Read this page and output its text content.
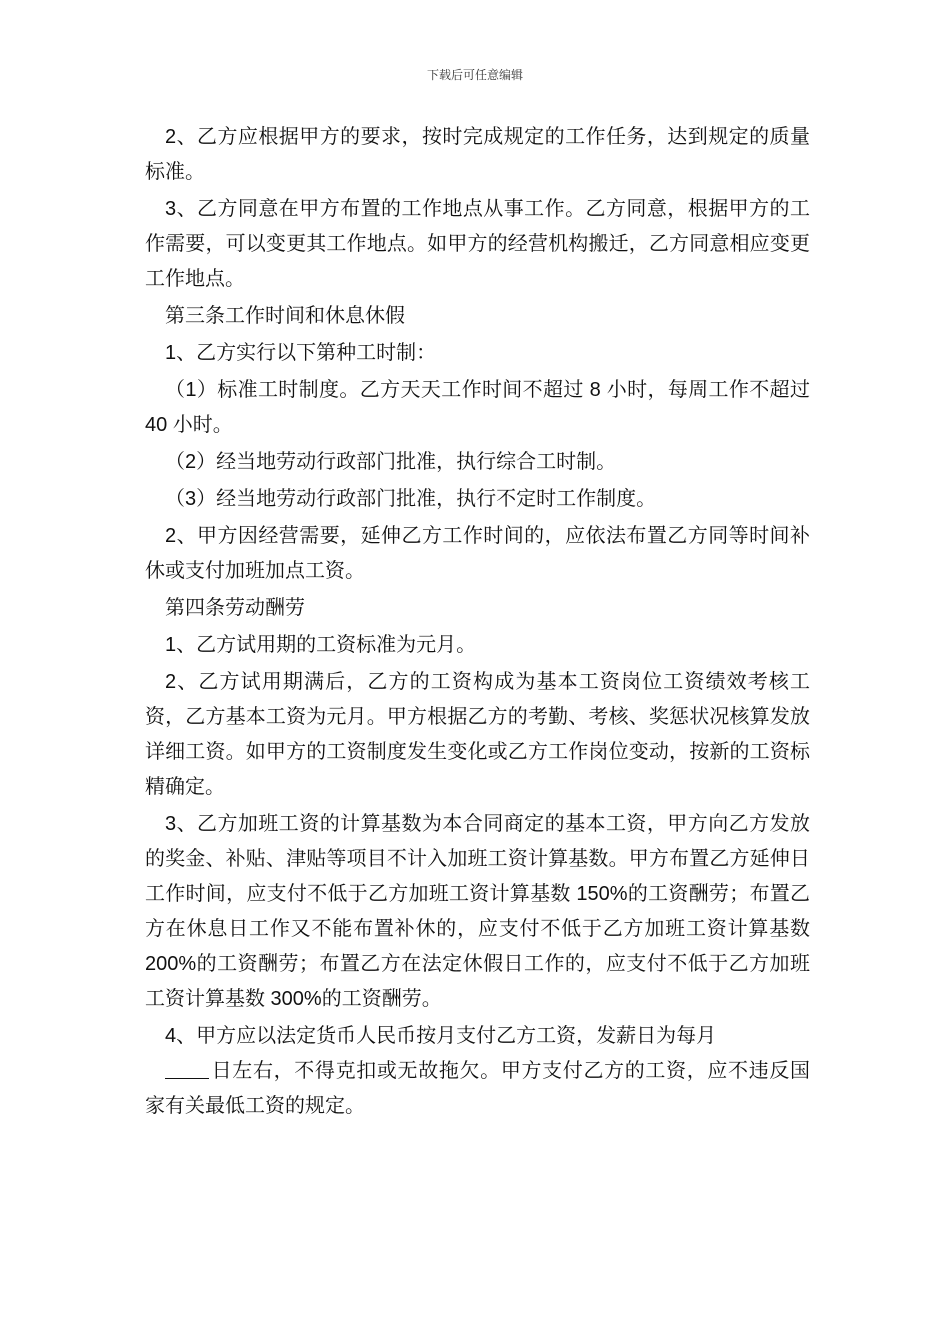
下载后可任意编辑

2、乙方应根据甲方的要求，按时完成规定的工作任务，达到规定的质量标准。

3、乙方同意在甲方布置的工作地点从事工作。乙方同意，根据甲方的工作需要，可以变更其工作地点。如甲方的经营机构搬迁，乙方同意相应变更工作地点。

第三条工作时间和休息休假

1、乙方实行以下第种工时制：

（1）标准工时制度。乙方天天工作时间不超过 8 小时，每周工作不超过 40 小时。

（2）经当地劳动行政部门批准，执行综合工时制。

（3）经当地劳动行政部门批准，执行不定时工作制度。

2、甲方因经营需要，延伸乙方工作时间的，应依法布置乙方同等时间补休或支付加班加点工资。

第四条劳动酬劳

1、乙方试用期的工资标准为元月。

2、乙方试用期满后，乙方的工资构成为基本工资岗位工资绩效考核工资，乙方基本工资为元月。甲方根据乙方的考勤、考核、奖惩状况核算发放详细工资。如甲方的工资制度发生变化或乙方工作岗位变动，按新的工资标精确定。

3、乙方加班工资的计算基数为本合同商定的基本工资，甲方向乙方发放的奖金、补贴、津贴等项目不计入加班工资计算基数。甲方布置乙方延伸日工作时间，应支付不低于乙方加班工资计算基数 150%的工资酬劳；布置乙方在休息日工作又不能布置补休的，应支付不低于乙方加班工资计算基数 200%的工资酬劳；布置乙方在法定休假日工作的，应支付不低于乙方加班工资计算基数 300%的工资酬劳。

4、甲方应以法定货币人民币按月支付乙方工资，发薪日为每月

日左右，不得克扣或无故拖欠。甲方支付乙方的工资，应不违反国家有关最低工资的规定。
